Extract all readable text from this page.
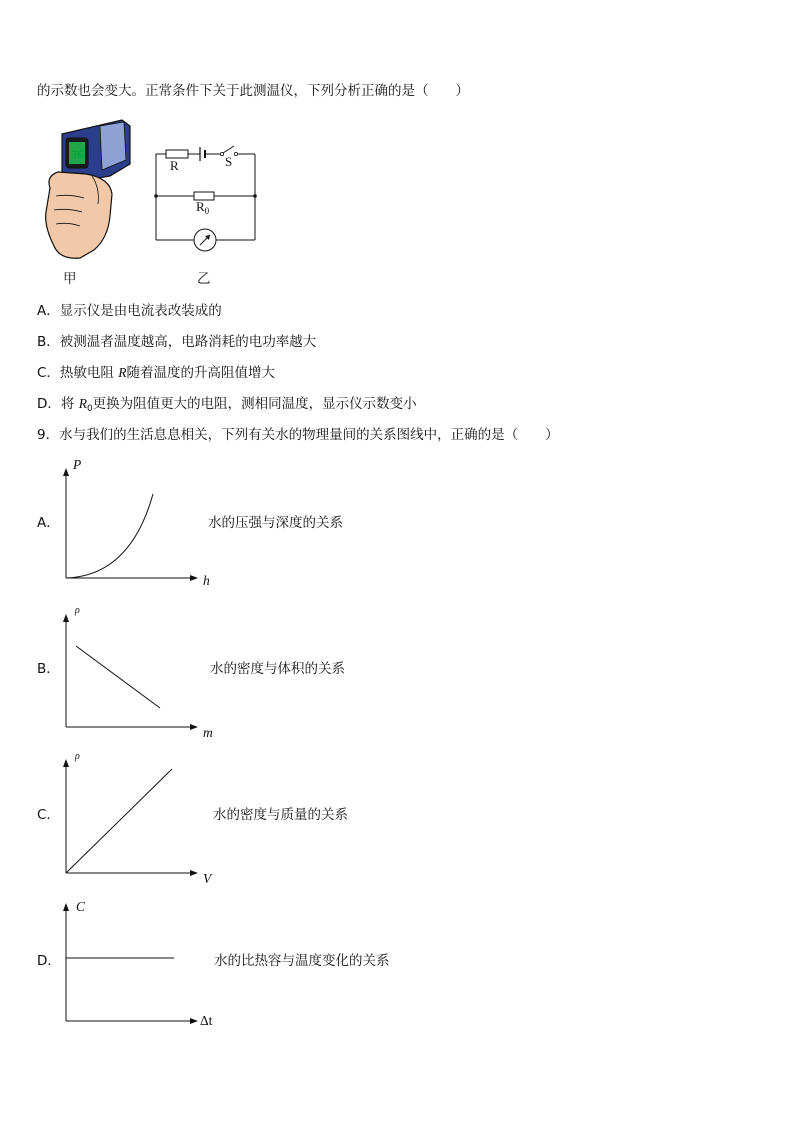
的示数也会变大。正常条件下关于此测温仪，下列分析正确的是（　　）
36
甲
R	S
$R_0$
乙
A．显示仪是由电流表改装成的
B．被测温者温度越高，电路消耗的电功率越大
C．热敏电阻 R随着温度的升高阻值增大
D．将 $R_0$更换为阻值更大的电阻，测相同温度，显示仪示数变小
9．水与我们的生活息息相关，下列有关水的物理量间的关系图线中，正确的是（　　）
A．
P
h
水的压强与深度的关系
B．
ρ
m
水的密度与体积的关系
C．
ρ
V
水的密度与质量的关系
D．
C
Δt
水的比热容与温度变化的关系
